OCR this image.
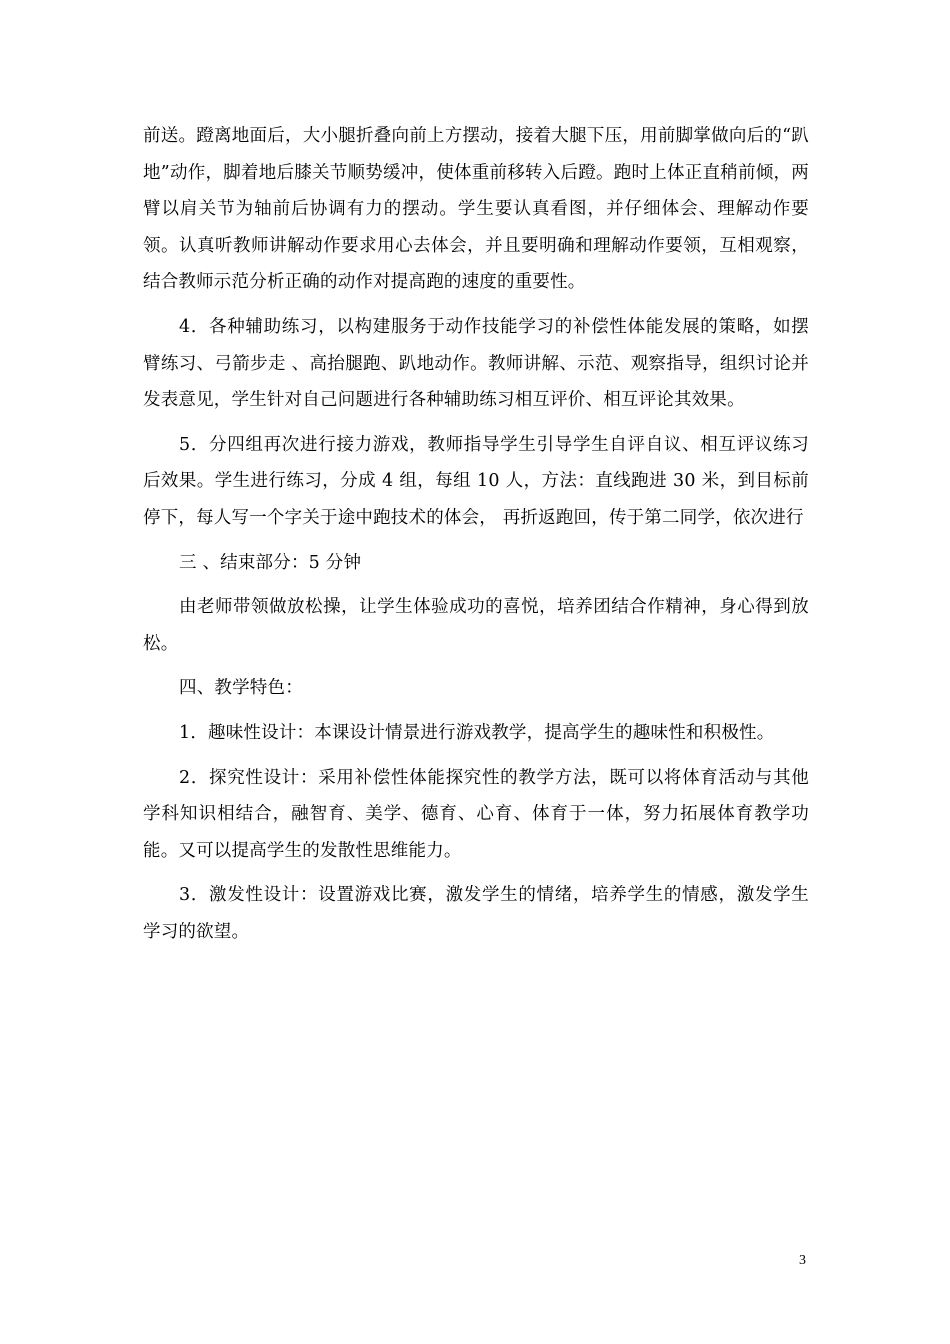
前送。蹬离地面后，大小腿折叠向前上方摆动，接着大腿下压，用前脚掌做向后的“趴地”动作，脚着地后膝关节顺势缓冲，使体重前移转入后蹬。跑时上体正直稍前倾，两臂以肩关节为轴前后协调有力的摆动。学生要认真看图，并仔细体会、理解动作要领。认真听教师讲解动作要求用心去体会，并且要明确和理解动作要领，互相观察，结合教师示范分析正确的动作对提高跑的速度的重要性。

4．各种辅助练习，以构建服务于动作技能学习的补偿性体能发展的策略，如摆臂练习、弓箭步走 、高抬腿跑、趴地动作。教师讲解、示范、观察指导，组织讨论并发表意见，学生针对自己问题进行各种辅助练习相互评价、相互评论其效果。

5．分四组再次进行接力游戏，教师指导学生引导学生自评自议、相互评议练习后效果。学生进行练习，分成 4 组，每组 10 人，方法：直线跑进 30 米，到目标前停下，每人写一个字关于途中跑技术的体会， 再折返跑回，传于第二同学，依次进行

三 、结束部分：5 分钟

由老师带领做放松操，让学生体验成功的喜悦，培养团结合作精神，身心得到放松。

四、教学特色：

1．趣味性设计：本课设计情景进行游戏教学，提高学生的趣味性和积极性。

2．探究性设计：采用补偿性体能探究性的教学方法，既可以将体育活动与其他学科知识相结合，融智育、美学、德育、心育、体育于一体，努力拓展体育教学功能。又可以提高学生的发散性思维能力。

3．激发性设计：设置游戏比赛，激发学生的情绪，培养学生的情感，激发学生学习的欲望。

3
